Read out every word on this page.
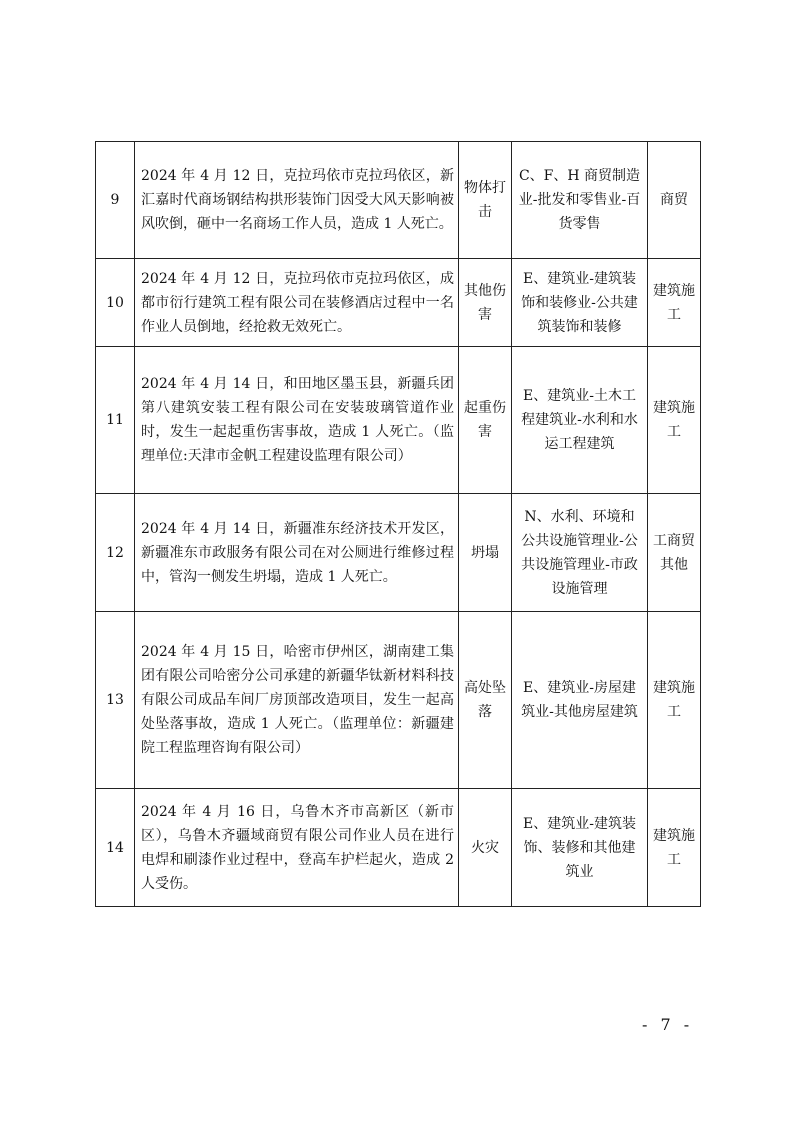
9	2024 年 4 月 12 日，克拉玛依市克拉玛依区，新汇嘉时代商场钢结构拱形装饰门因受大风天影响被风吹倒，砸中一名商场工作人员，造成 1 人死亡。	物体打击	C、F、H 商贸制造业-批发和零售业-百货零售	商贸
10	2024 年 4 月 12 日，克拉玛依市克拉玛依区，成都市衍行建筑工程有限公司在装修酒店过程中一名作业人员倒地，经抢救无效死亡。	其他伤害	E、建筑业-建筑装饰和装修业-公共建筑装饰和装修	建筑施工
11	2024 年 4 月 14 日，和田地区墨玉县，新疆兵团第八建筑安装工程有限公司在安装玻璃管道作业时，发生一起起重伤害事故，造成 1 人死亡。（监理单位:天津市金帆工程建设监理有限公司）	起重伤害	E、建筑业-土木工程建筑业-水利和水运工程建筑	建筑施工
12	2024 年 4 月 14 日，新疆准东经济技术开发区，新疆准东市政服务有限公司在对公厕进行维修过程中，管沟一侧发生坍塌，造成 1 人死亡。	坍塌	N、水利、环境和公共设施管理业-公共设施管理业-市政设施管理	工商贸其他
13	2024 年 4 月 15 日，哈密市伊州区，湖南建工集团有限公司哈密分公司承建的新疆华钛新材料科技有限公司成品车间厂房顶部改造项目，发生一起高处坠落事故，造成 1 人死亡。（监理单位：新疆建院工程监理咨询有限公司）	高处坠落	E、建筑业-房屋建筑业-其他房屋建筑	建筑施工
14	2024 年 4 月 16 日，乌鲁木齐市高新区（新市区），乌鲁木齐疆域商贸有限公司作业人员在进行电焊和刷漆作业过程中，登高车护栏起火，造成 2 人受伤。	火灾	E、建筑业-建筑装饰、装修和其他建筑业	建筑施工
- 7 -
